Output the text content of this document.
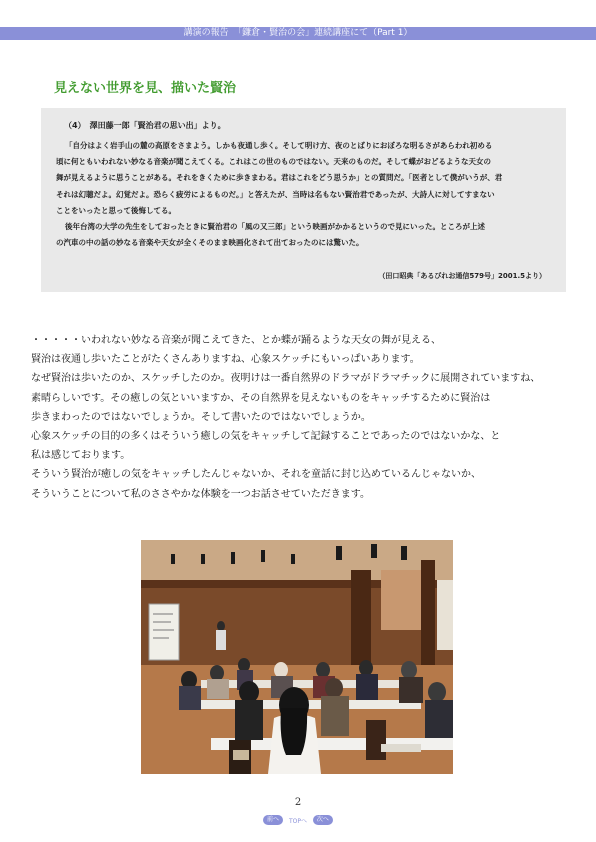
講演の報告　「鎌倉・賢治の会」連続講座にて（Part 1）
見えない世界を見、描いた賢治
（4）　澤田藤一郎「賢治君の思い出」より。

「自分はよく岩手山の麓の高原をさまよう。しかも夜通し歩く。そして明け方、夜のとばりにおぼろな明るさがあらわれ初める

頃に何ともいわれない妙なる音楽が聞こえてくる。これはこの世のものではない。天来のものだ。そして蝶がおどるような天女の
舞が見えるように思うことがある。それをきくために歩きまわる。君はこれをどう思うか」との質問だ。「医者として僕がいうが、君
それは幻聴だよ。幻覚だよ。恐らく疲労によるものだ。」と答えたが、当時は名もない賢治君であったが、大詩人に対してすまない
ことをいったと思って後悔してる。

後年台湾の大学の先生をしておったときに賢治君の「風の又三郎」という映画がかかるというので見にいった。ところが上述

の汽車の中の話の妙なる音楽や天女が全くそのまま映画化されて出ておったのには驚いた。
（田口昭典「あるびれお通信579号」2001.5より）
・・・・・いわれない妙なる音楽が聞こえてきた、とか蝶が踊るような天女の舞が見える、
賢治は夜通し歩いたことがたくさんありますね、心象スケッチにもいっぱいあります。
なぜ賢治は歩いたのか、スケッチしたのか。夜明けは一番自然界のドラマがドラマチックに展開されていますね、
素晴らしいです。その癒しの気といいますか、その自然界を見えないものをキャッチするために賢治は
歩きまわったのではないでしょうか。そして書いたのではないでしょうか。
心象スケッチの目的の多くはそういう癒しの気をキャッチして記録することであったのではないかな、と
私は感じております。
そういう賢治が癒しの気をキャッチしたんじゃないか、それを童話に封じ込めているんじゃないか、
そういうことについて私のささやかな体験を一つお話させていただきます。
2
前へ TOPへ 次へ
